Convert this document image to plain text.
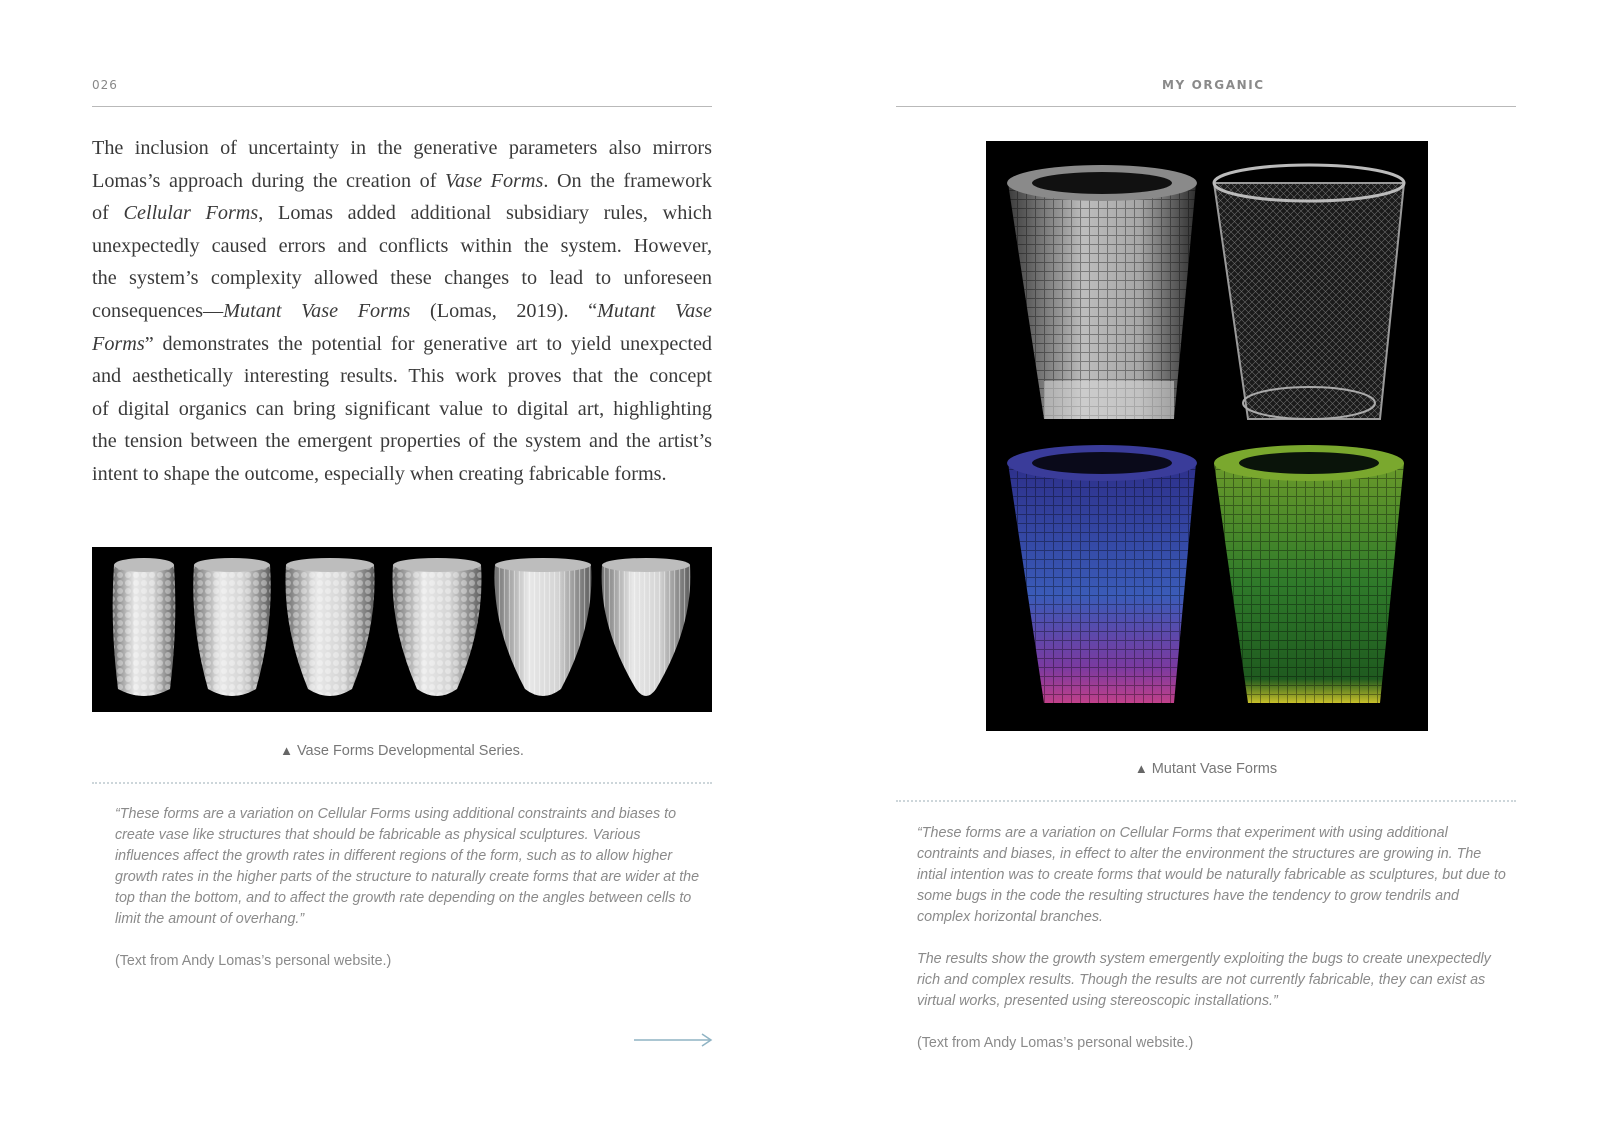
026
The inclusion of uncertainty in the generative parameters also mirrors
Lomas’s approach during the creation of Vase Forms. On the framework
of Cellular Forms, Lomas added additional subsidiary rules, which
unexpectedly caused errors and conflicts within the system. However,
the system’s complexity allowed these changes to lead to unforeseen
consequences—Mutant Vase Forms (Lomas, 2019). “Mutant Vase
Forms” demonstrates the potential for generative art to yield unexpected
and aesthetically interesting results. This work proves that the concept
of digital organics can bring significant value to digital art, highlighting
the tension between the emergent properties of the system and the artist’s
intent to shape the outcome, especially when creating fabricable forms.
▲ Vase Forms Developmental Series.

“These forms are a variation on Cellular Forms using additional constraints and biases to create vase like structures that should be fabricable as physical sculptures. Various influences affect the growth rates in different regions of the form, such as to allow higher growth rates in the higher parts of the structure to naturally create forms that are wider at the top than the bottom, and to affect the growth rate depending on the angles between cells to limit the amount of overhang.”

(Text from Andy Lomas’s personal website.)

MY ORGANIC
▲ Mutant Vase Forms

“These forms are a variation on Cellular Forms that experiment with using additional contraints and biases, in effect to alter the environment the structures are growing in. The intial intention was to create forms that would be naturally fabricable as sculptures, but due to some bugs in the code the resulting structures have the tendency to grow tendrils and complex horizontal branches.

The results show the growth system emergently exploiting the bugs to create unexpectedly rich and complex results. Though the results are not currently fabricable, they can exist as virtual works, presented using stereoscopic installations.”

(Text from Andy Lomas’s personal website.)
